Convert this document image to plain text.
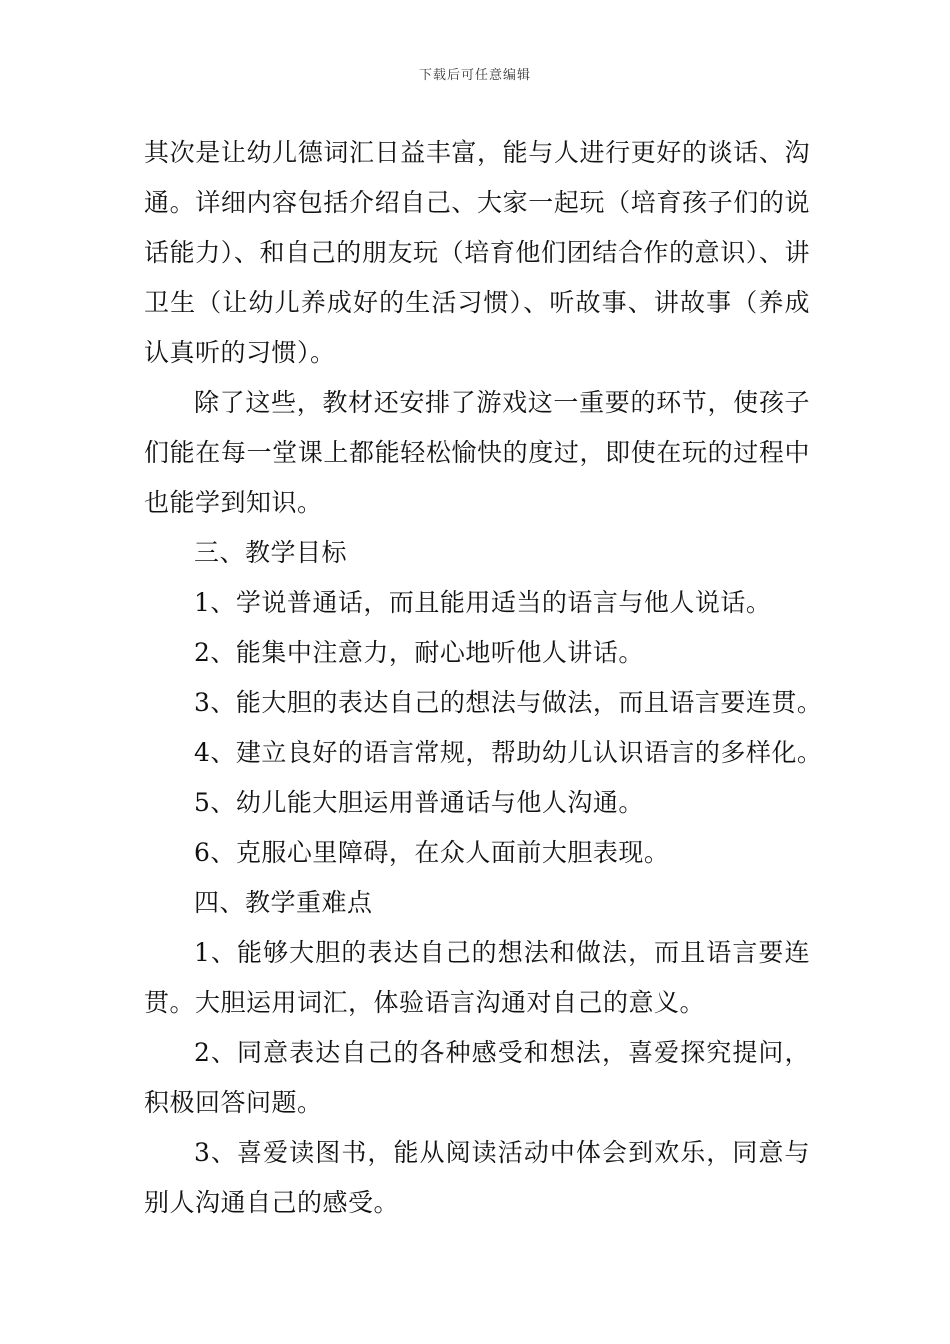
下载后可任意编辑

其次是让幼儿德词汇日益丰富，能与人进行更好的谈话、沟通。详细内容包括介绍自己、大家一起玩（培育孩子们的说话能力）、和自己的朋友玩（培育他们团结合作的意识）、讲卫生（让幼儿养成好的生活习惯）、听故事、讲故事（养成认真听的习惯）。

除了这些，教材还安排了游戏这一重要的环节，使孩子们能在每一堂课上都能轻松愉快的度过，即使在玩的过程中也能学到知识。

三、教学目标

1、学说普通话，而且能用适当的语言与他人说话。

2、能集中注意力，耐心地听他人讲话。

3、能大胆的表达自己的想法与做法，而且语言要连贯。

4、建立良好的语言常规，帮助幼儿认识语言的多样化。

5、幼儿能大胆运用普通话与他人沟通。

6、克服心里障碍，在众人面前大胆表现。

四、教学重难点

1、能够大胆的表达自己的想法和做法，而且语言要连贯。大胆运用词汇，体验语言沟通对自己的意义。

2、同意表达自己的各种感受和想法，喜爱探究提问，积极回答问题。

3、喜爱读图书，能从阅读活动中体会到欢乐，同意与别人沟通自己的感受。
